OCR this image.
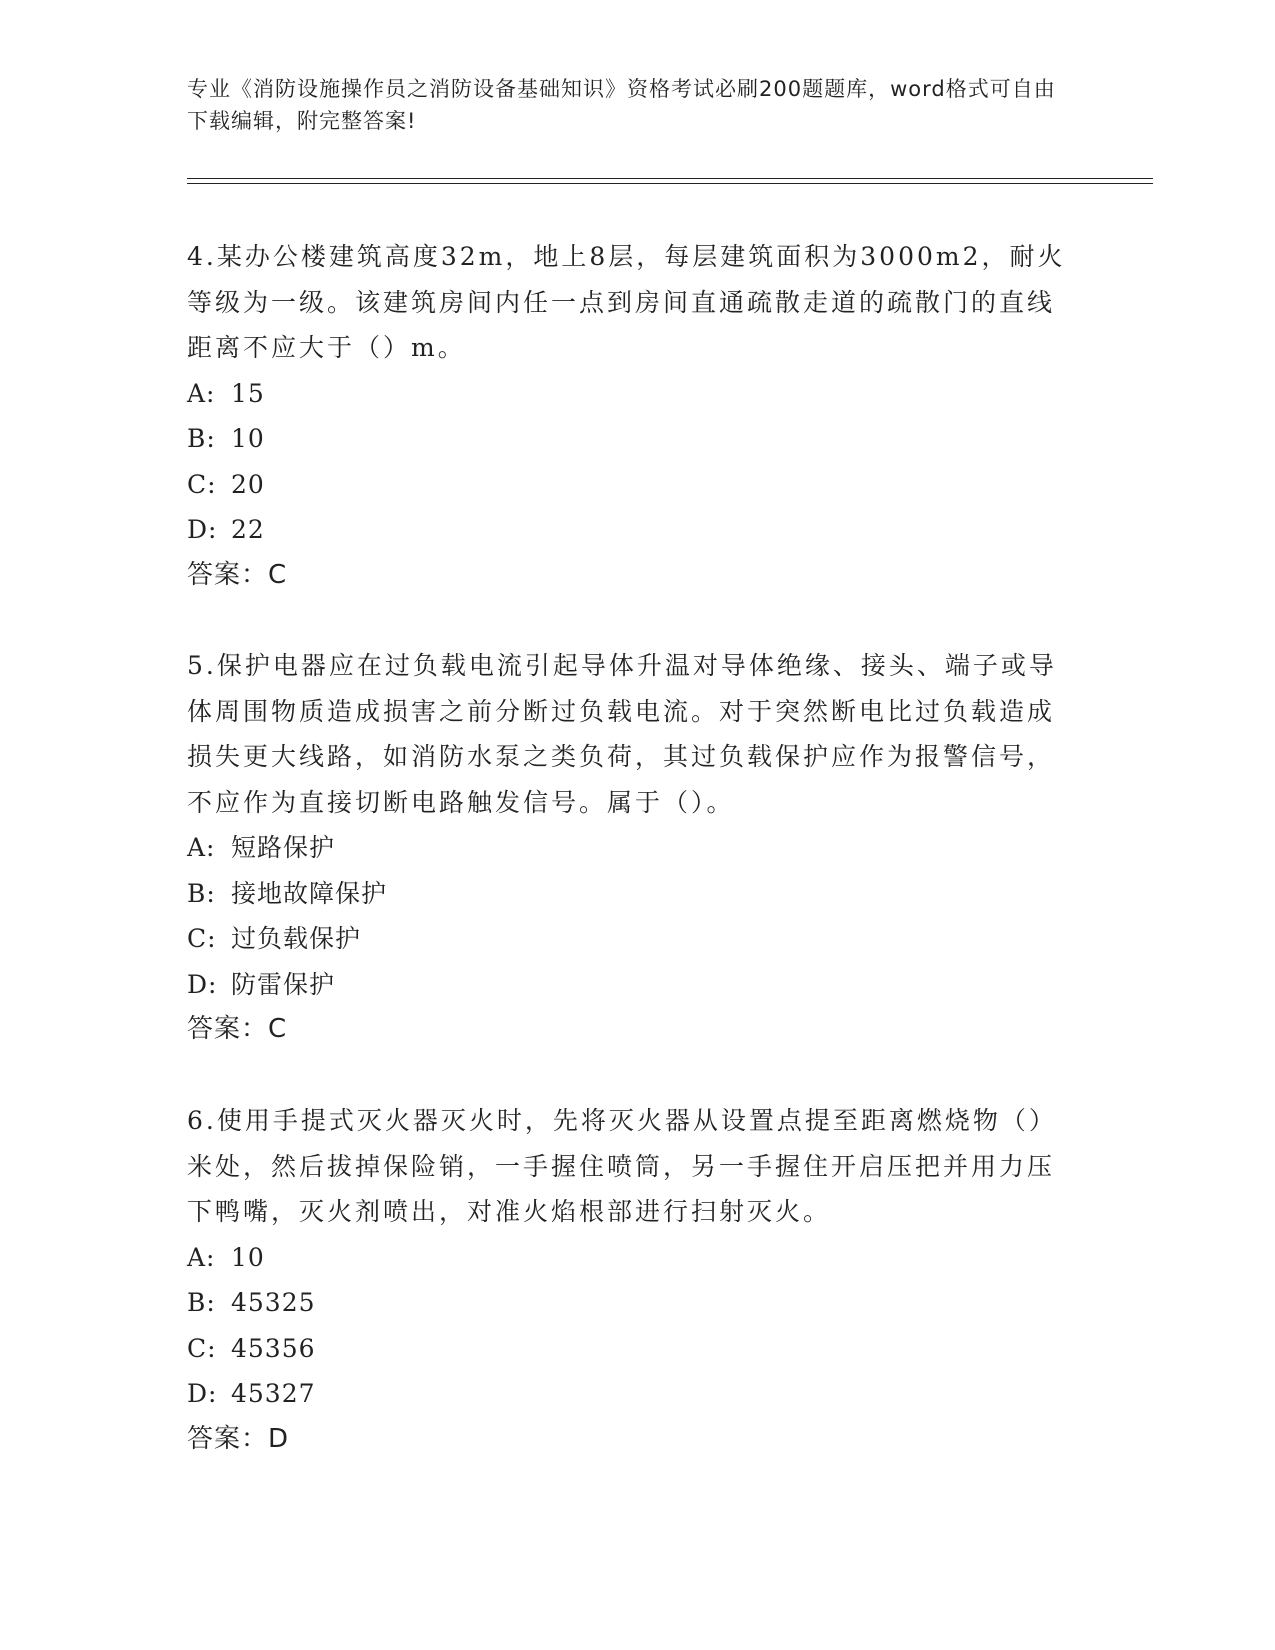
专业《消防设施操作员之消防设备基础知识》资格考试必刷200题题库，word格式可自由下载编辑，附完整答案!
4.某办公楼建筑高度32m，地上8层，每层建筑面积为3000m2，耐火等级为一级。该建筑房间内任一点到房间直通疏散走道的疏散门的直线距离不应大于（）m。
A: 15
B: 10
C: 20
D: 22
答案：C
5.保护电器应在过负载电流引起导体升温对导体绝缘、接头、端子或导体周围物质造成损害之前分断过负载电流。对于突然断电比过负载造成损失更大线路，如消防水泵之类负荷，其过负载保护应作为报警信号，不应作为直接切断电路触发信号。属于（）。
A: 短路保护
B: 接地故障保护
C: 过负载保护
D: 防雷保护
答案：C
6.使用手提式灭火器灭火时，先将灭火器从设置点提至距离燃烧物（）米处，然后拔掉保险销，一手握住喷筒，另一手握住开启压把并用力压下鸭嘴，灭火剂喷出，对准火焰根部进行扫射灭火。
A: 10
B: 45325
C: 45356
D: 45327
答案：D
